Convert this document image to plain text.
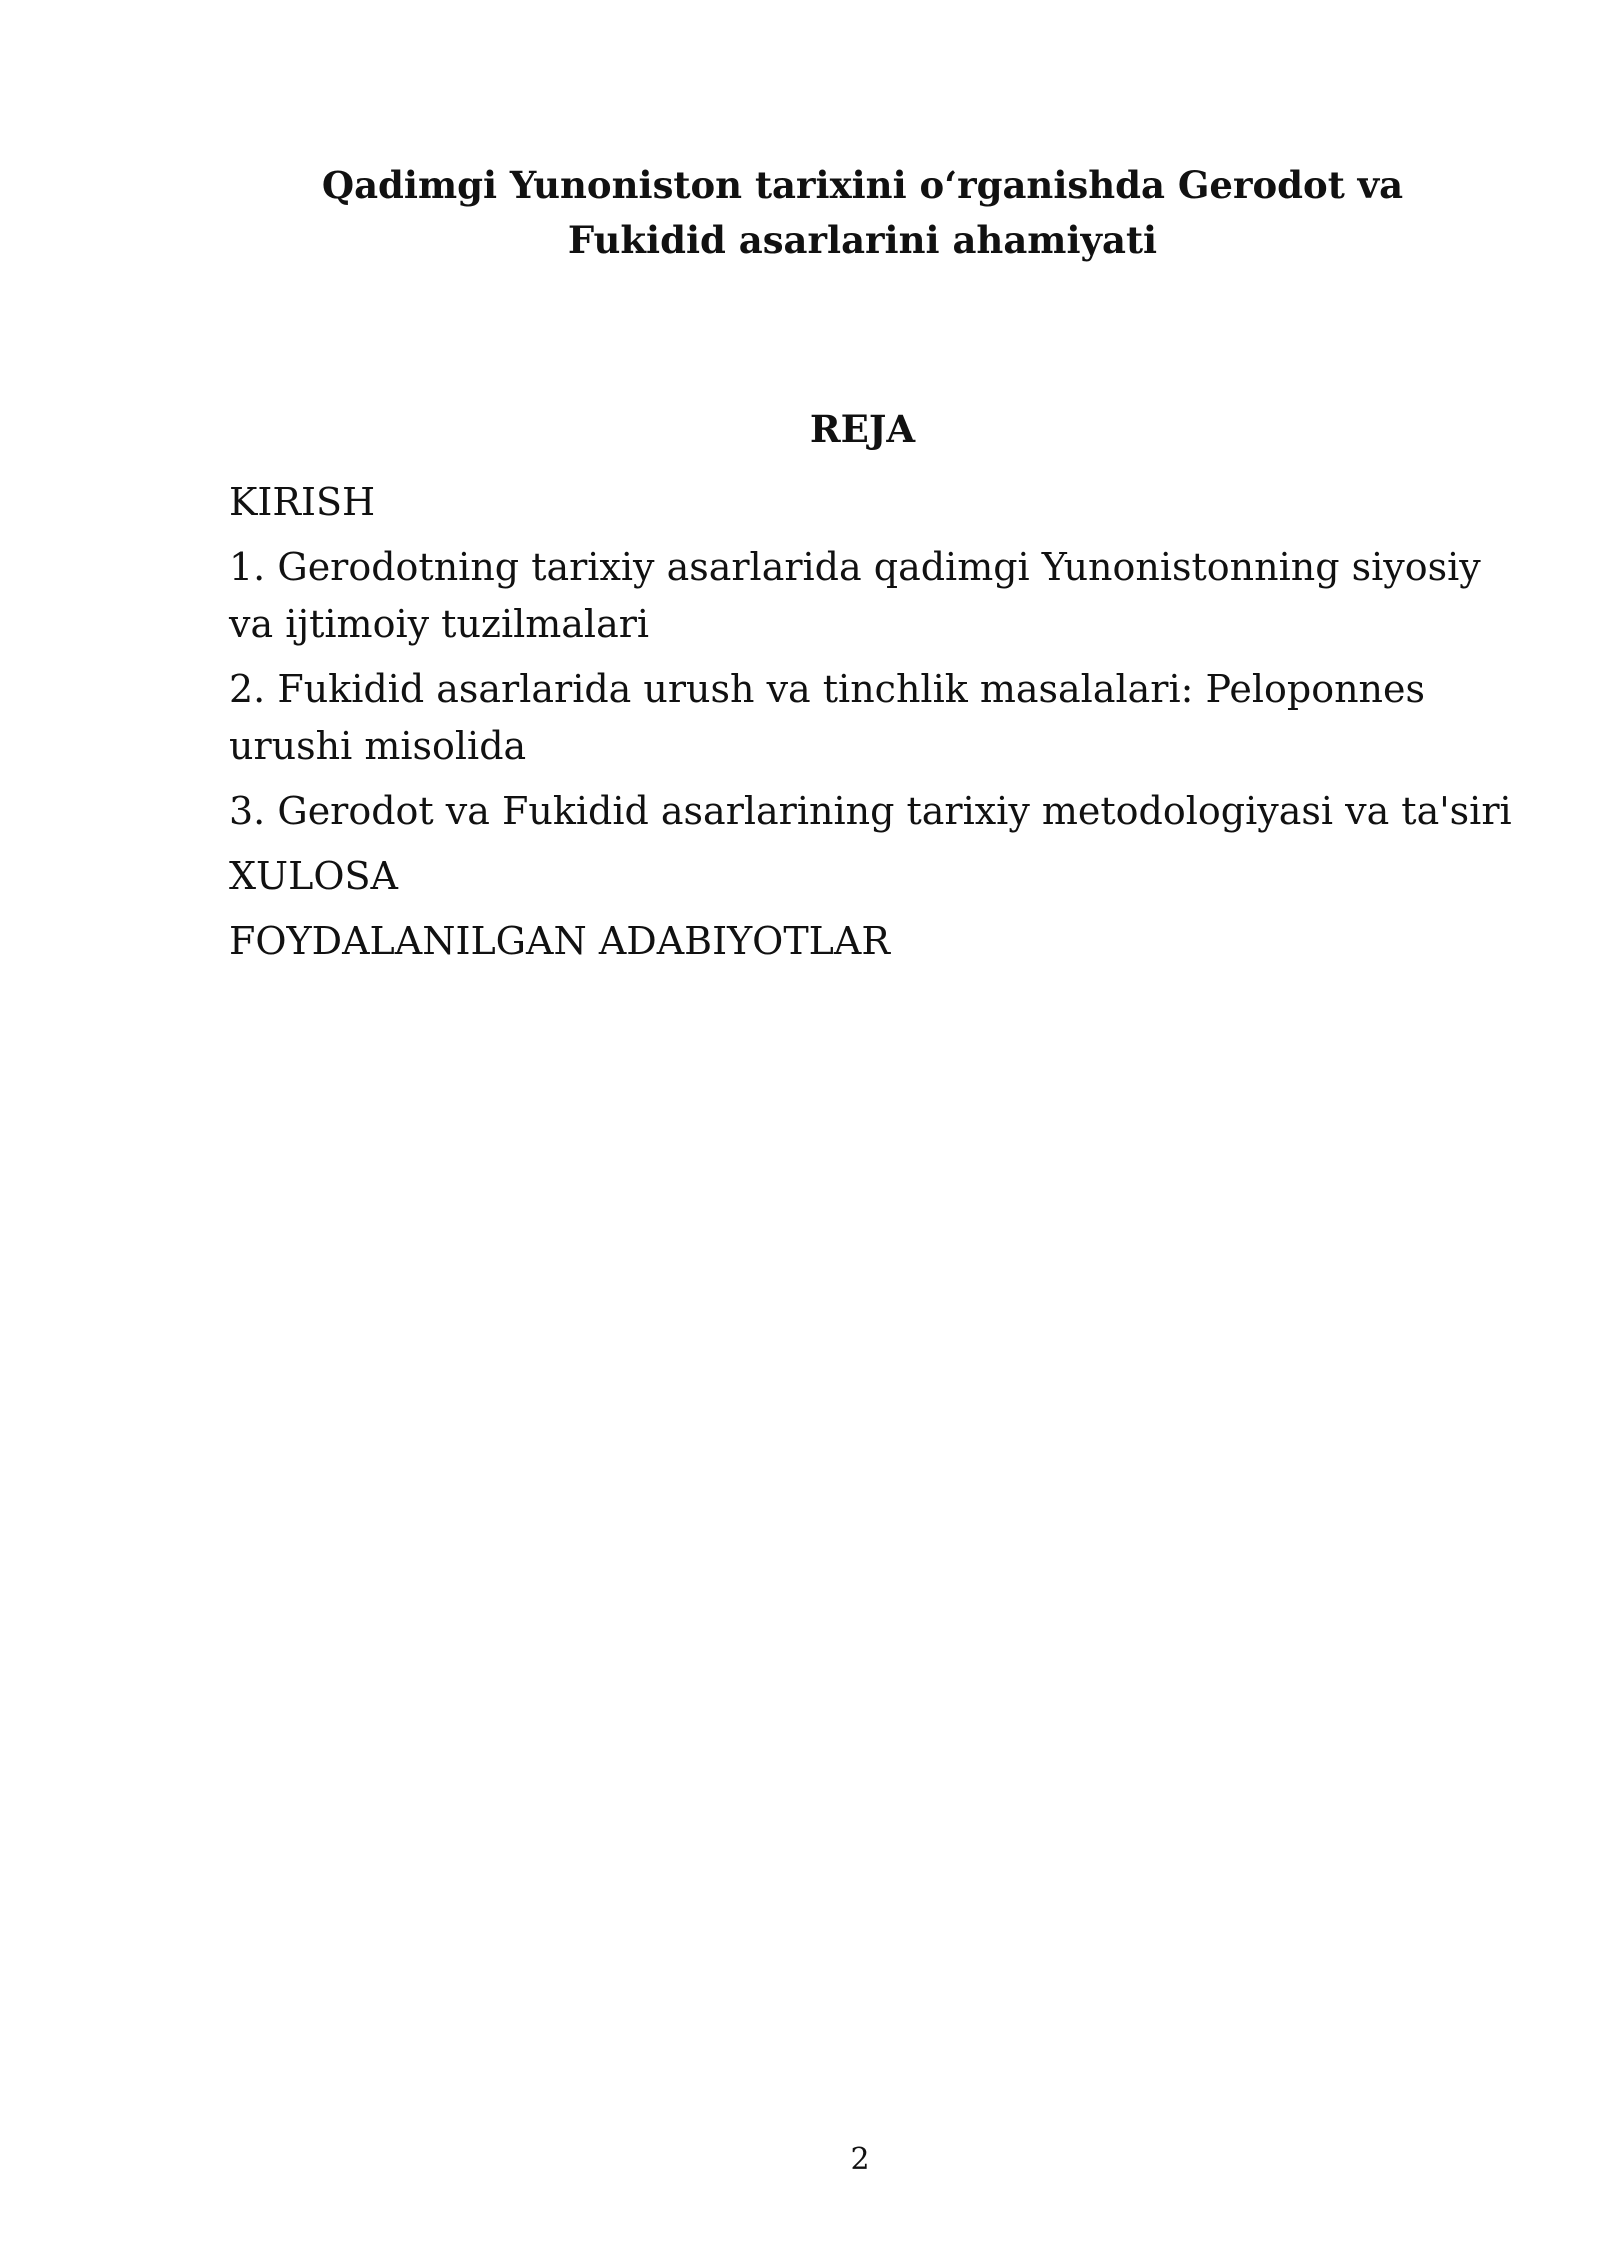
Qadimgi Yunoniston tarixini o‘rganishda Gerodot va
Fukidid asarlarini ahamiyati
REJA
KIRISH
1. Gerodotning tarixiy asarlarida qadimgi Yunonistonning siyosiy va ijtimoiy tuzilmalari
2. Fukidid asarlarida urush va tinchlik masalalari: Peloponnes urushi misolida
3. Gerodot va Fukidid asarlarining tarixiy metodologiyasi va ta'siri
XULOSA
FOYDALANILGAN ADABIYOTLAR
2
